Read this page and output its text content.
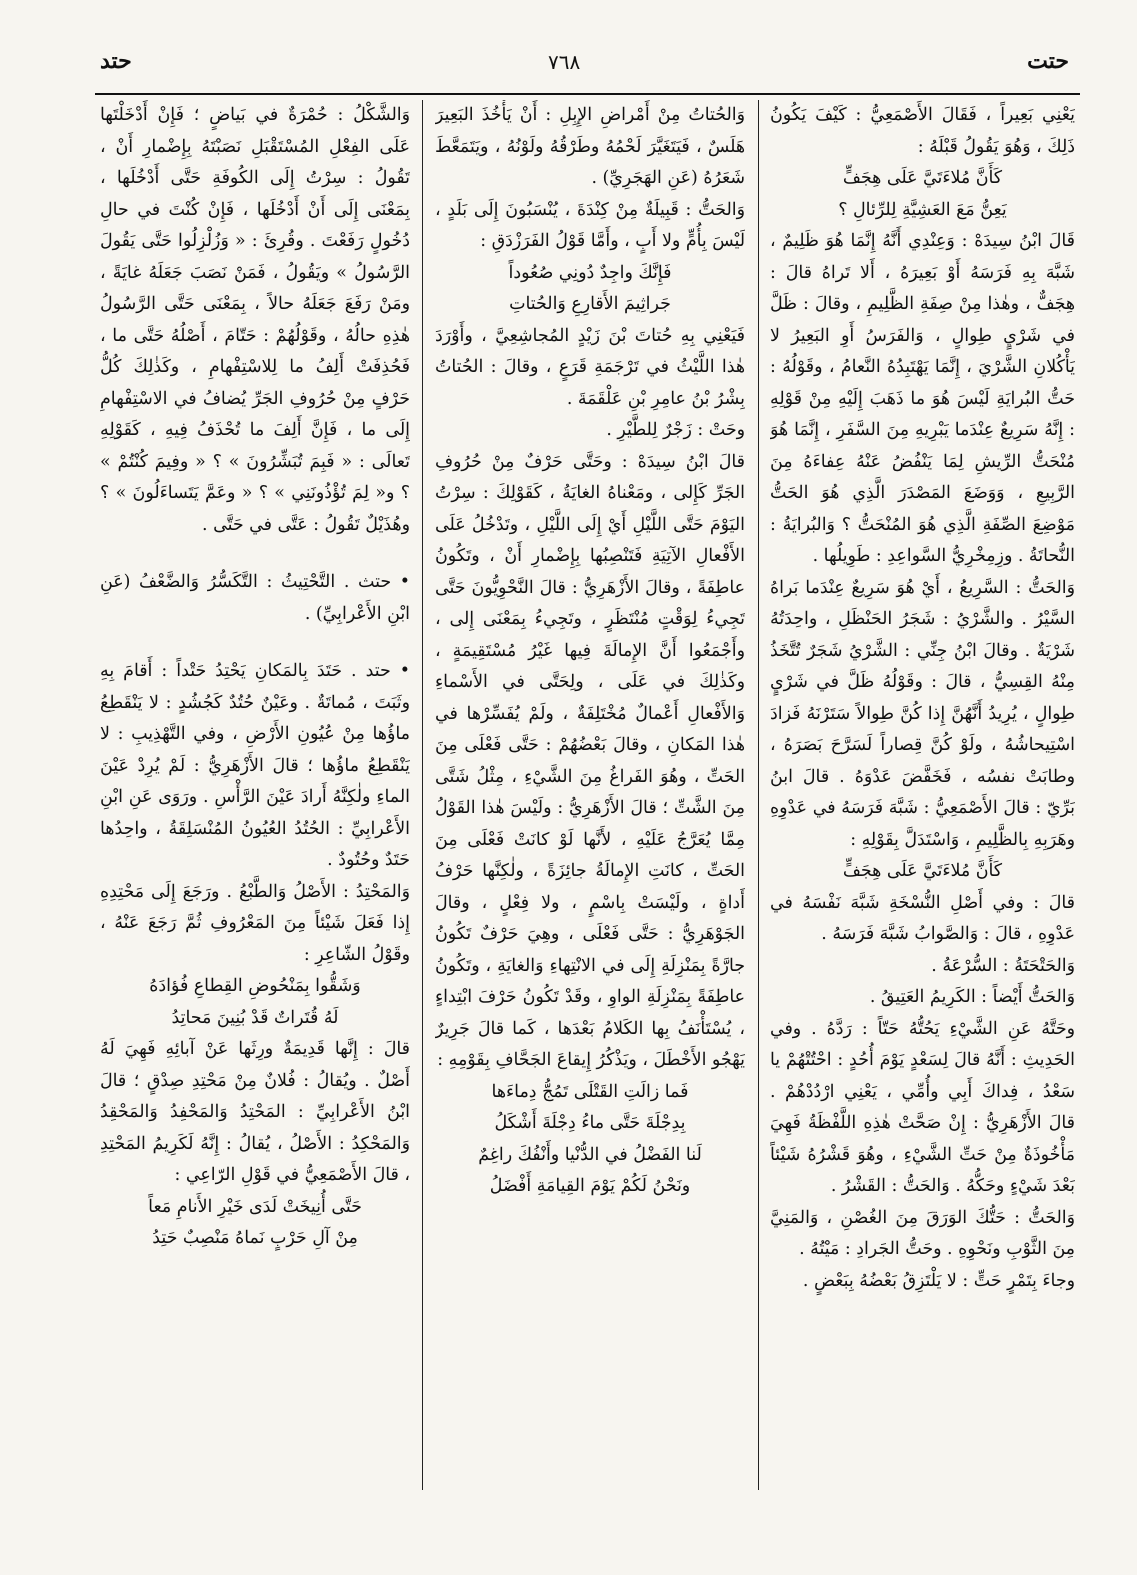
حتت
٧٦٨
حتد

يَعْنِي بَعِيراً ، فَقَالَ الأَصْمَعِيُّ : كَيْفَ يَكُونُ ذَلِكَ ، وَهُوَ يَقُولُ قَبْلَهُ :

كَأَنَّ مُلاءَتَيَّ عَلَى هِجَفٍّ

يَعِنُّ مَعَ العَشِيَّةِ لِلرِّئالِ ؟

قَالَ ابْنُ سِيدَهْ : وَعِنْدِي أَنَّهُ إِنَّمَا هُوَ ظَلِيمٌ ، شَبَّهَ بِهِ فَرَسَهُ أَوْ بَعِيرَهُ ، أَلا تَراهُ قالَ : هِجَفٌّ ، وهٰذا مِنْ صِفَةِ الظَّلِيمِ ، وقالَ : ظَلَّ في شَرْيٍ طِوالٍ ، وَالفَرَسُ أَوِ البَعِيرُ لا يَأْكُلانِ الشَّرْيَ ، إِنَّمَا يَهْتَبِدُهُ النَّعامُ ، وقَوْلُهُ : حَتُّ البُرايَةِ لَيْسَ هُوَ ما ذَهَبَ إِلَيْهِ مِنْ قَوْلِهِ : إِنَّهُ سَرِيعٌ عِنْدَما يَبْرِيهِ مِنَ السَّفَرِ ، إِنَّمَا هُوَ مُنْحَتُّ الرِّيشِ لِمَا يَنْفُضُ عَنْهُ عِفاءَهُ مِنَ الرَّبِيعِ ، وَوَضَعَ المَصْدَرَ الَّذِي هُوَ الحَتُّ مَوْضِعَ الصِّفَةِ الَّذِي هُوَ المُنْحَتُّ ؟ وَالبُرايَةُ : النُّحاتَةُ . وزِمِخْرِيُّ السَّواعِدِ : طَوِيلُها .

وَالحَتُّ : السَّرِيعُ ، أَيْ هُوَ سَرِيعٌ عِنْدَما بَراهُ السَّيْرُ . والشَّرْيُ : شَجَرُ الحَنْظَلِ ، واحِدَتُهُ شَرْيَةٌ . وقالَ ابْنُ جِنِّي : الشَّرْيُ شَجَرٌ تُتَّخَذُ مِنْهُ القِسِيُّ ، قالَ : وقَوْلُهُ ظَلَّ في شَرْيٍ طِوالٍ ، يُرِيدُ أَنَّهُنَّ إِذا كُنَّ طِوالاً سَتَرْنَهُ فَزادَ اسْتِيحاشُهُ ، ولَوْ كُنَّ قِصاراً لَسَرَّحَ بَصَرَهُ ، وطابَتْ نفسُه ، فَخَفَّضَ عَدْوَهُ . قالَ ابنُ بَرِّيّ : قالَ الأَصْمَعِيُّ : شَبَّهَ فَرَسَهُ في عَدْوِهِ وهَرَبِهِ بِالظَّلِيمِ ، وَاسْتَدَلَّ بِقَوْلِهِ :

كَأَنَّ مُلاءَتَيَّ عَلَى هِجَفٍّ

قالَ : وفي أَصْلِ النُّسْخَةِ شَبَّهَ نَفْسَهُ في عَدْوِهِ ، قالَ : وَالصَّوابُ شَبَّهَ فَرَسَهُ .

وَالحَتْحَتَةُ : السُّرْعَةُ .

وَالحَتُّ أَيْضاً : الكَرِيمُ العَتِيقُ .

وحَتَّهُ عَنِ الشَّيْءِ يَحُتُّهُ حَتّاً : رَدَّهُ . وفي الحَدِيثِ : أَنَّهُ قالَ لِسَعْدٍ يَوْمَ أُحُدٍ : احْتُتْهُمْ يا سَعْدُ ، فِداكَ أَبِي وأُمِّي ، يَعْنِي ارْدُدْهُمْ . قالَ الأَزْهَرِيُّ : إِنْ صَحَّتْ هٰذِهِ اللَّفْظَةُ فَهِيَ مَأْخُوذَةٌ مِنْ حَتِّ الشَّيْءِ ، وهُوَ قَشْرُهُ شَيْئاً بَعْدَ شَيْءٍ وحَكُّهُ . وَالحَتُّ : القَشْرُ .

وَالحَتُّ : حَتُّكَ الوَرَقَ مِنَ الغُصْنِ ، وَالمَنِيَّ مِنَ الثَّوْبِ ونَحْوِهِ . وحَتُّ الجَرادِ : مَيْتُهُ .

وجاءَ بِتَمْرٍ حَتٍّ : لا يَلْتَزِقُ بَعْضُهُ بِبَعْضٍ .

وَالحُتاتُ مِنْ أَمْراضِ الإِبِلِ : أَنْ يَأْخُذَ البَعِيرَ هَلَسٌ ، فَيَتَغَيَّرَ لَحْمُهُ وطَرْقُهُ ولَوْنُهُ ، ويَتَمَعَّطَ شَعَرُهُ (عَنِ الهَجَرِيِّ) .

وَالحَتُّ : قَبِيلَةٌ مِنْ كِنْدَةَ ، يُنْسَبُونَ إِلَى بَلَدٍ ، لَيْسَ بِأُمٍّ ولا أَبٍ ، وأَمَّا قَوْلُ الفَرَزْدَقِ :

فَإِنَّكَ واجِدٌ دُونِي صُعُوداً

جَراثِيمَ الأَقارِعِ وَالحُتاتِ

فَيَعْنِي بِهِ حُتاتَ بْنَ زَيْدٍ المُجاشِعِيَّ ، وأَوْرَدَ هٰذا اللَّيْثُ في تَرْجَمَةِ قَرَعٍ ، وقالَ : الحُتاتُ بِشْرُ بْنُ عامِرِ بْنِ عَلْقَمَةَ .

وحَتْ : زَجْرٌ لِلطَّيْرِ .

قالَ ابْنُ سِيدَهْ : وحَتَّى حَرْفٌ مِنْ حُرُوفِ الجَرِّ كَإِلى ، ومَعْناهُ الغايَةُ ، كَقَوْلِكَ : سِرْتُ اليَوْمَ حَتَّى اللَّيْلِ أَيْ إِلَى اللَّيْلِ ، وتَدْخُلُ عَلَى الأَفْعالِ الآتِيَةِ فَتَنْصِبُها بِإِضْمارِ أَنْ ، وتَكُونُ عاطِفَةً ، وقالَ الأَزْهَرِيُّ : قالَ النَّحْوِيُّونَ حَتَّى تَجِيءُ لِوَقْتٍ مُنْتَظَرٍ ، وتَجِيءُ بِمَعْنَى إِلى ، وأَجْمَعُوا أَنَّ الإِمالَةَ فِيها غَيْرُ مُسْتَقِيمَةٍ ، وكَذٰلِكَ في عَلَى ، ولِحَتَّى في الأَسْماءِ وَالأَفْعالِ أَعْمالٌ مُخْتَلِفَةٌ ، ولَمْ يُفَسِّرْها في هٰذا المَكانِ ، وقالَ بَعْضُهُمْ : حَتَّى فَعْلَى مِنَ الحَتِّ ، وهُوَ الفَراغُ مِنَ الشَّيْءِ ، مِثْلُ شَتَّى مِنَ الشَّتِّ ؛ قالَ الأَزْهَرِيُّ : ولَيْسَ هٰذا القَوْلُ مِمَّا يُعَرَّجُ عَلَيْهِ ، لأَنَّها لَوْ كانَتْ فَعْلَى مِنَ الحَتِّ ، كانَتِ الإِمالَةُ جائِزَةً ، ولٰكِنَّها حَرْفُ أَداةٍ ، ولَيْسَتْ بِاسْمٍ ، ولا فِعْلٍ ، وقالَ الجَوْهَرِيُّ : حَتَّى فَعْلَى ، وهِيَ حَرْفٌ تَكُونُ جارَّةً بِمَنْزِلَةِ إِلَى في الانْتِهاءِ وَالغايَةِ ، وتَكُونُ عاطِفَةً بِمَنْزِلَةِ الواوِ ، وقَدْ تَكُونُ حَرْفَ ابْتِداءٍ ، يُسْتَأْنَفُ بِها الكَلامُ بَعْدَها ، كَما قالَ جَرِيرٌ يَهْجُو الأَخْطَلَ ، ويَذْكُرُ إِيقاعَ الجَحَّافِ بِقَوْمِهِ :

فَما زالَتِ القَتْلَى تَمُجُّ دِماءَها

بِدِجْلَةَ حَتَّى ماءُ دِجْلَةَ أَشْكَلُ

لَنا الفَضْلُ في الدُّنْيا وأَنْفُكَ راغِمٌ

ونَحْنُ لَكُمْ يَوْمَ القِيامَةِ أَفْضَلُ

وَالشَّكْلُ : حُمْرَةٌ في بَياضٍ ؛ فَإِنْ أَدْخَلْتَها عَلَى الفِعْلِ المُسْتَقْبَلِ نَصَبْتَهُ بِإِضْمارِ أَنْ ، تَقُولُ : سِرْتُ إِلَى الكُوفَةِ حَتَّى أَدْخُلَها ، بِمَعْنَى إِلَى أَنْ أَدْخُلَها ، فَإِنْ كُنْتَ في حالِ دُخُولٍ رَفَعْتَ . وقُرِئَ : « وَزُلْزِلُوا حَتَّى يَقُولَ الرَّسُولُ » ويَقُولُ ، فَمَنْ نَصَبَ جَعَلَهُ غايَةً ، ومَنْ رَفَعَ جَعَلَهُ حالاً ، بِمَعْنَى حَتَّى الرَّسُولُ هٰذِهِ حالُهُ ، وقَوْلُهُمْ : حَتّامَ ، أَصْلُهُ حَتَّى ما ، فَحُذِفَتْ أَلِفُ ما لِلاسْتِفْهامِ ، وكَذٰلِكَ كُلُّ حَرْفٍ مِنْ حُرُوفِ الجَرِّ يُضافُ في الاسْتِفْهامِ إِلَى ما ، فَإِنَّ أَلِفَ ما تُحْذَفُ فِيهِ ، كَقَوْلِهِ تَعالَى : « فَبِمَ تُبَشِّرُونَ » ؟ « وفِيمَ كُنْتُمْ » ؟ و« لِمَ تُؤْذُونَنِي » ؟ « وعَمَّ يَتَساءَلُونَ » ؟ وهُذَيْلٌ تَقُولُ : عَتَّى في حَتَّى .

• حتث . التَّحْتِيثُ : التَّكَسُّرُ وَالضَّعْفُ (عَنِ ابْنِ الأَعْرابِيِّ) .

• حتد . حَتَدَ بِالمَكانِ يَحْتِدُ حَتْداً : أَقامَ بِهِ وثَبَتَ ، مُماتَةٌ . وعَيْنٌ حُتُدٌ كَجُشُدٍ : لا يَنْقَطِعُ ماؤُها مِنْ عُيُونِ الأَرْضِ ، وفي التَّهْذِيبِ : لا يَنْقَطِعُ ماؤُها ؛ قالَ الأَزْهَرِيُّ : لَمْ يُرِدْ عَيْنَ الماءِ ولٰكِنَّهُ أَرادَ عَيْنَ الرَّأْسِ . ورَوَى عَنِ ابْنِ الأَعْرابِيِّ : الحُتُدُ العُيُونُ المُنْسَلِقَةُ ، واحِدُها حَتَدٌ وحُتُودٌ .

وَالمَحْتِدُ : الأَصْلُ وَالطَّبْعُ . ورَجَعَ إِلَى مَحْتِدِهِ إِذا فَعَلَ شَيْئاً مِنَ المَعْرُوفِ ثُمَّ رَجَعَ عَنْهُ ، وقَوْلُ الشّاعِرِ :

وَشَقُّوا بِمَنْحُوضِ القِطاعِ فُؤادَهُ

لَهُ قُتَراتٌ قَدْ بُنِينَ مَحاتِدُ

قالَ : إِنَّها قَدِيمَةٌ ورِثَها عَنْ آبائِهِ فَهِيَ لَهُ أَصْلٌ . ويُقالُ : فُلانٌ مِنْ مَحْتِدِ صِدْقٍ ؛ قالَ ابْنُ الأَعْرابِيِّ : المَحْتِدُ وَالمَحْفِدُ وَالمَحْقِدُ وَالمَحْكِدُ : الأَصْلُ ، يُقالُ : إِنَّهُ لَكَرِيمُ المَحْتِدِ ، قالَ الأَصْمَعِيُّ في قَوْلِ الرّاعِي :

حَتَّى أُنِيخَتْ لَدَى خَيْرِ الأَنامِ مَعاً

مِنْ آلِ حَرْبٍ نَماهُ مَنْصِبٌ حَتِدُ
